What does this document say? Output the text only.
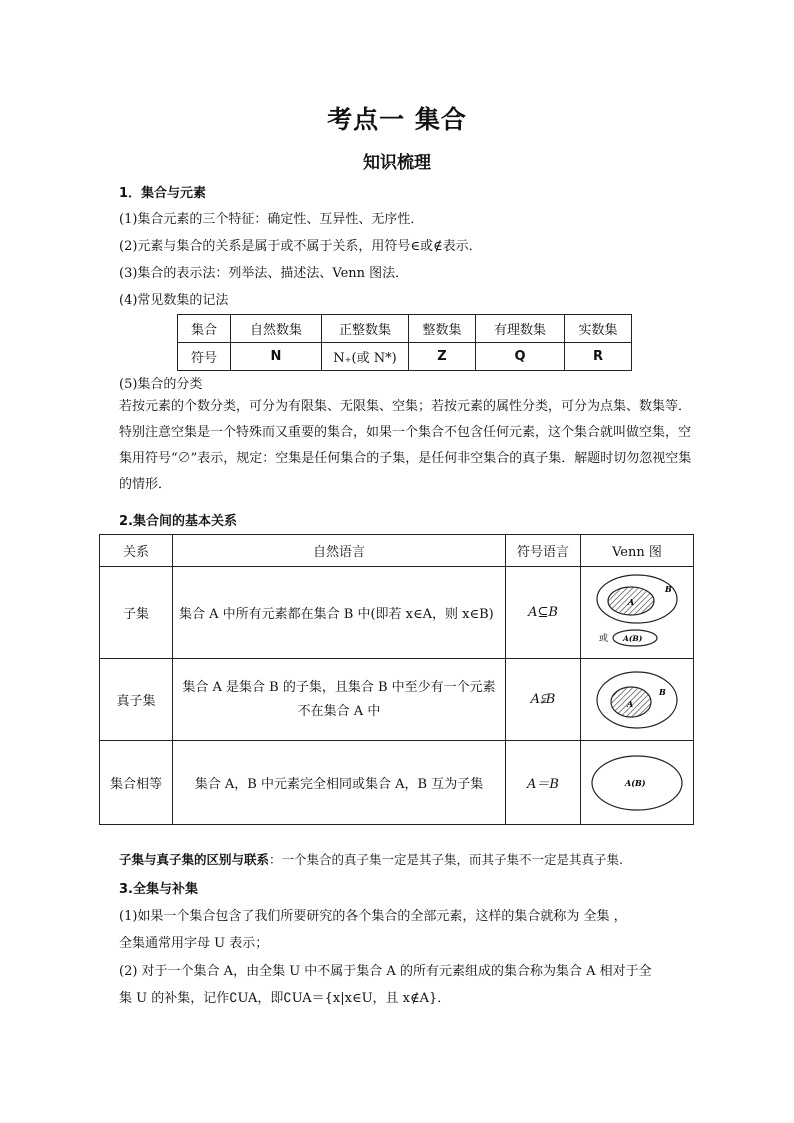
考点一 集合
知识梳理
1．集合与元素
(1)集合元素的三个特征：确定性、互异性、无序性．
(2)元素与集合的关系是属于或不属于关系，用符号∈或∉表示．
(3)集合的表示法：列举法、描述法、Venn 图法．
(4)常见数集的记法
集合	自然数集	正整数集	整数集	有理数集	实数集
符号	N	N₊(或 N*)	Z	Q	R
(5)集合的分类
若按元素的个数分类，可分为有限集、无限集、空集；若按元素的属性分类，可分为点集、数集等．特别注意空集是一个特殊而又重要的集合，如果一个集合不包含任何元素，这个集合就叫做空集，空集用符号“∅”表示，规定：空集是任何集合的子集，是任何非空集合的真子集．解题时切勿忽视空集的情形．
2.集合间的基本关系
关系	自然语言	符号语言	Venn 图
子集	集合 A 中所有元素都在集合 B 中(即若 x∈A，则 x∈B)	A⊆B	A
B
或 A(B)

真子集	集合 A 是集合 B 的子集，且集合 B 中至少有一个元素不在集合 A 中	A⫋B	A
B

集合相等	集合 A，B 中元素完全相同或集合 A，B 互为子集	A＝B	A(B)
子集与真子集的区别与联系：一个集合的真子集一定是其子集，而其子集不一定是其真子集.
3.全集与补集
(1)如果一个集合包含了我们所要研究的各个集合的全部元素，这样的集合就称为 全集 ，
全集通常用字母 U 表示；
(2) 对于一个集合 A，由全集 U 中不属于集合 A 的所有元素组成的集合称为集合 A 相对于全
集 U 的补集，记作∁UA，即∁UA＝{x|x∈U，且 x∉A}．
